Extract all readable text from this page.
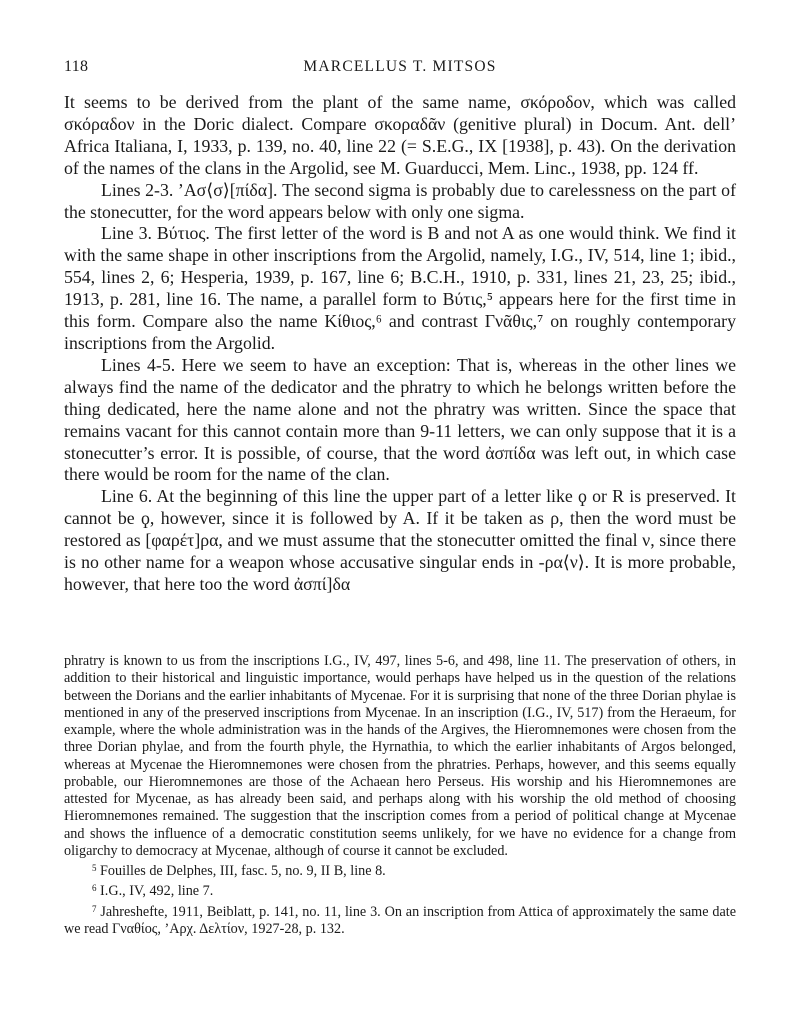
118	MARCELLUS T. MITSOS

It seems to be derived from the plant of the same name, σκόροδον, which was called σκόραδον in the Doric dialect. Compare σκοραδᾶν (genitive plural) in Docum. Ant. dell’ Africa Italiana, I, 1933, p. 139, no. 40, line 22 (= S.E.G., IX [1938], p. 43). On the derivation of the names of the clans in the Argolid, see M. Guarducci, Mem. Linc., 1938, pp. 124 ff.

Lines 2-3. ’Ασ⟨σ⟩[πίδα]. The second sigma is probably due to carelessness on the part of the stonecutter, for the word appears below with only one sigma.

Line 3. Βύτιος. The first letter of the word is B and not A as one would think. We find it with the same shape in other inscriptions from the Argolid, namely, I.G., IV, 514, line 1; ibid., 554, lines 2, 6; Hesperia, 1939, p. 167, line 6; B.C.H., 1910, p. 331, lines 21, 23, 25; ibid., 1913, p. 281, line 16. The name, a parallel form to Βύτις,⁵ appears here for the first time in this form. Compare also the name Κίθιος,⁶ and contrast Γνᾶθις,⁷ on roughly contemporary inscriptions from the Argolid.

Lines 4-5. Here we seem to have an exception: That is, whereas in the other lines we always find the name of the dedicator and the phratry to which he belongs written before the thing dedicated, here the name alone and not the phratry was written. Since the space that remains vacant for this cannot contain more than 9-11 letters, we can only suppose that it is a stonecutter’s error. It is possible, of course, that the word ἀσπίδα was left out, in which case there would be room for the name of the clan.

Line 6. At the beginning of this line the upper part of a letter like ϙ or R is preserved. It cannot be ϙ, however, since it is followed by A. If it be taken as ρ, then the word must be restored as [φαρέτ]ρα, and we must assume that the stonecutter omitted the final ν, since there is no other name for a weapon whose accusative singular ends in -ρα⟨ν⟩. It is more probable, however, that here too the word ἀσπί]δα

phratry is known to us from the inscriptions I.G., IV, 497, lines 5-6, and 498, line 11. The preservation of others, in addition to their historical and linguistic importance, would perhaps have helped us in the question of the relations between the Dorians and the earlier inhabitants of Mycenae. For it is surprising that none of the three Dorian phylae is mentioned in any of the preserved inscriptions from Mycenae. In an inscription (I.G., IV, 517) from the Heraeum, for example, where the whole administration was in the hands of the Argives, the Hieromnemones were chosen from the three Dorian phylae, and from the fourth phyle, the Hyrnathia, to which the earlier inhabitants of Argos belonged, whereas at Mycenae the Hieromnemones were chosen from the phratries. Perhaps, however, and this seems equally probable, our Hieromnemones are those of the Achaean hero Perseus. His worship and his Hieromnemones are attested for Mycenae, as has already been said, and perhaps along with his worship the old method of choosing Hieromnemones remained. The suggestion that the inscription comes from a period of political change at Mycenae and shows the influence of a democratic constitution seems unlikely, for we have no evidence for a change from oligarchy to democracy at Mycenae, although of course it cannot be excluded.

$^5$ Fouilles de Delphes, III, fasc. 5, no. 9, II B, line 8.

$^6$ I.G., IV, 492, line 7.

$^7$ Jahreshefte, 1911, Beiblatt, p. 141, no. 11, line 3. On an inscription from Attica of approximately the same date we read Γναθίος, ’Αρχ. Δελτίον, 1927-28, p. 132.
